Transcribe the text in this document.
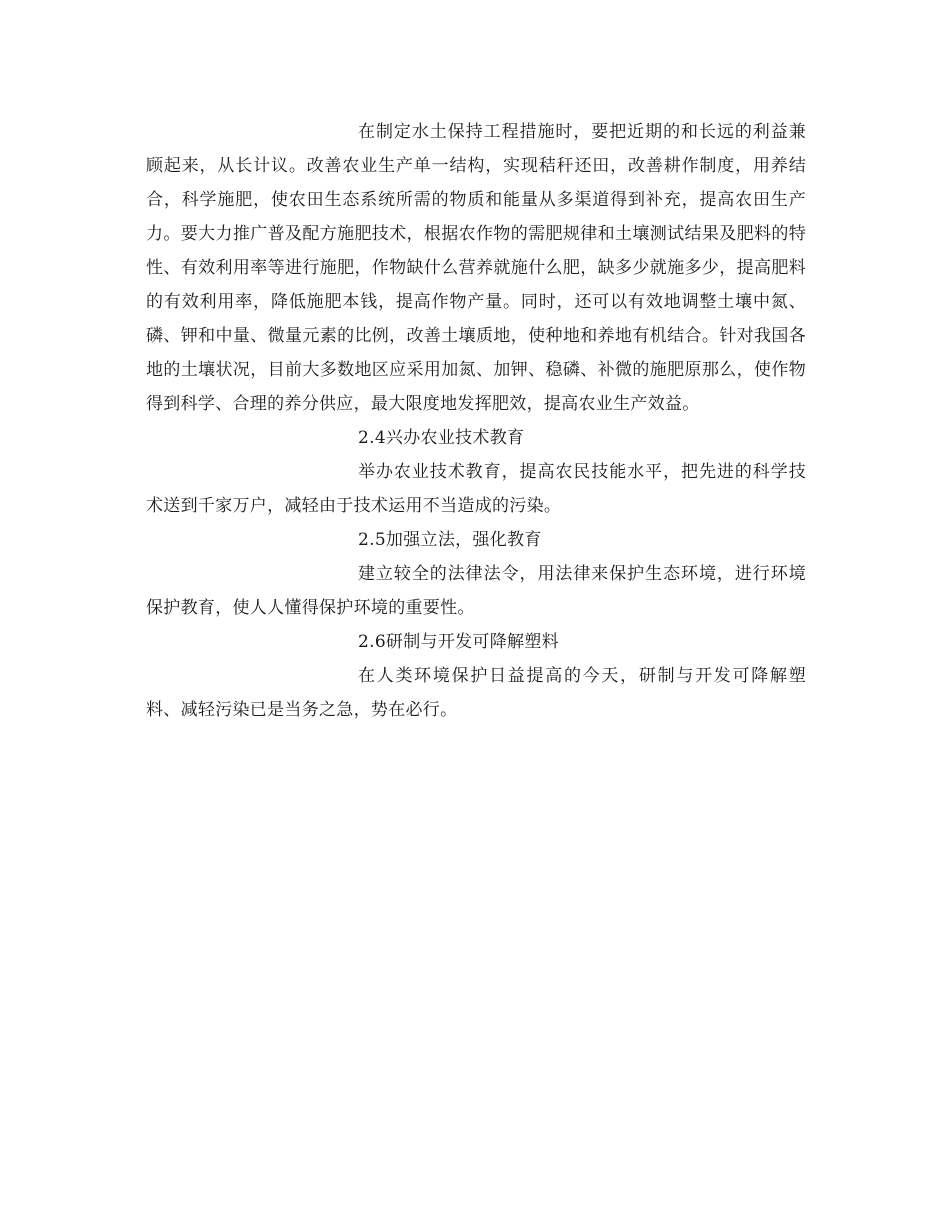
在制定水土保持工程措施时，要把近期的和长远的利益兼顾起来，从长计议。改善农业生产单一结构，实现秸秆还田，改善耕作制度，用养结合，科学施肥，使农田生态系统所需的物质和能量从多渠道得到补充，提高农田生产力。要大力推广普及配方施肥技术，根据农作物的需肥规律和土壤测试结果及肥料的特性、有效利用率等进行施肥，作物缺什么营养就施什么肥，缺多少就施多少，提高肥料的有效利用率，降低施肥本钱，提高作物产量。同时，还可以有效地调整土壤中氮、磷、钾和中量、微量元素的比例，改善土壤质地，使种地和养地有机结合。针对我国各地的土壤状况，目前大多数地区应采用加氮、加钾、稳磷、补微的施肥原那么，使作物得到科学、合理的养分供应，最大限度地发挥肥效，提高农业生产效益。

2.4兴办农业技术教育

举办农业技术教育，提高农民技能水平，把先进的科学技术送到千家万户，减轻由于技术运用不当造成的污染。

2.5加强立法，强化教育

建立较全的法律法令，用法律来保护生态环境，进行环境保护教育，使人人懂得保护环境的重要性。

2.6研制与开发可降解塑料

在人类环境保护日益提高的今天，研制与开发可降解塑料、减轻污染已是当务之急，势在必行。
